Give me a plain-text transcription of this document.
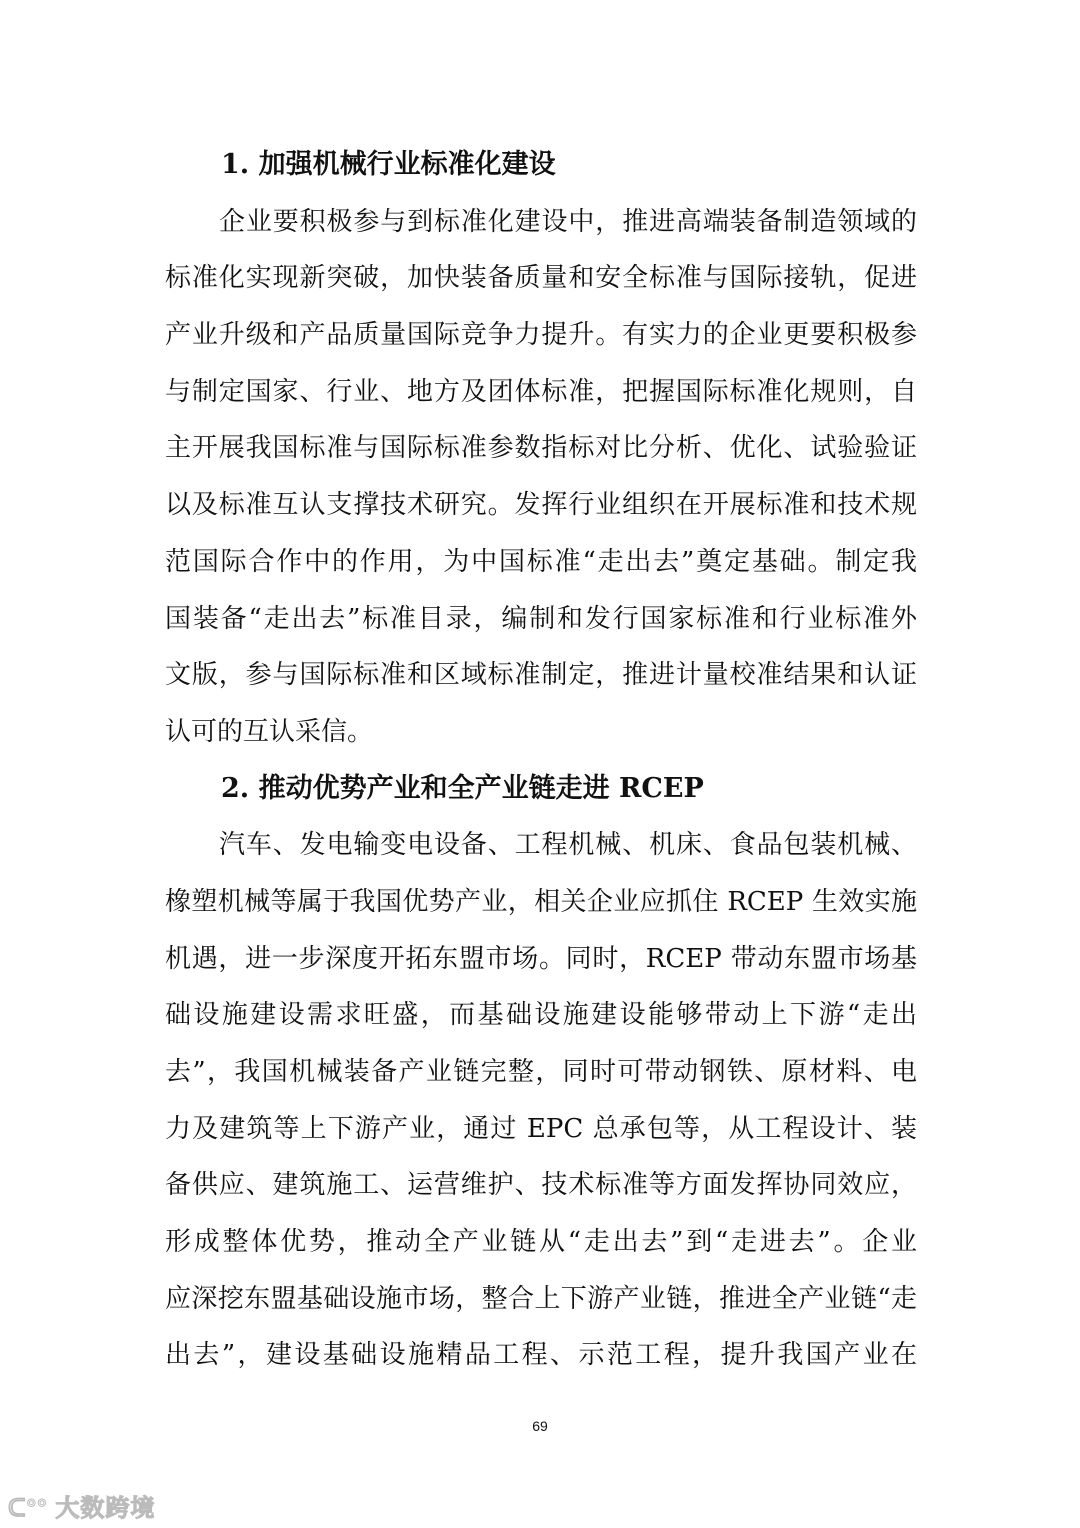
1. 加强机械行业标准化建设
企业要积极参与到标准化建设中，推进高端装备制造领域的
标准化实现新突破，加快装备质量和安全标准与国际接轨，促进
产业升级和产品质量国际竞争力提升。有实力的企业更要积极参
与制定国家、行业、地方及团体标准，把握国际标准化规则，自
主开展我国标准与国际标准参数指标对比分析、优化、试验验证
以及标准互认支撑技术研究。发挥行业组织在开展标准和技术规
范国际合作中的作用，为中国标准“走出去”奠定基础。制定我
国装备“走出去”标准目录，编制和发行国家标准和行业标准外
文版，参与国际标准和区域标准制定，推进计量校准结果和认证
认可的互认采信。
2. 推动优势产业和全产业链走进 RCEP
汽车、发电输变电设备、工程机械、机床、食品包装机械、
橡塑机械等属于我国优势产业，相关企业应抓住 RCEP 生效实施
机遇，进一步深度开拓东盟市场。同时，RCEP 带动东盟市场基
础设施建设需求旺盛，而基础设施建设能够带动上下游“走出
去”，我国机械装备产业链完整，同时可带动钢铁、原材料、电
力及建筑等上下游产业，通过 EPC 总承包等，从工程设计、装
备供应、建筑施工、运营维护、技术标准等方面发挥协同效应，
形成整体优势，推动全产业链从“走出去”到“走进去”。企业
应深挖东盟基础设施市场，整合上下游产业链，推进全产业链“走
出去”，建设基础设施精品工程、示范工程，提升我国产业在
69
ᑕ°° 大数跨境
